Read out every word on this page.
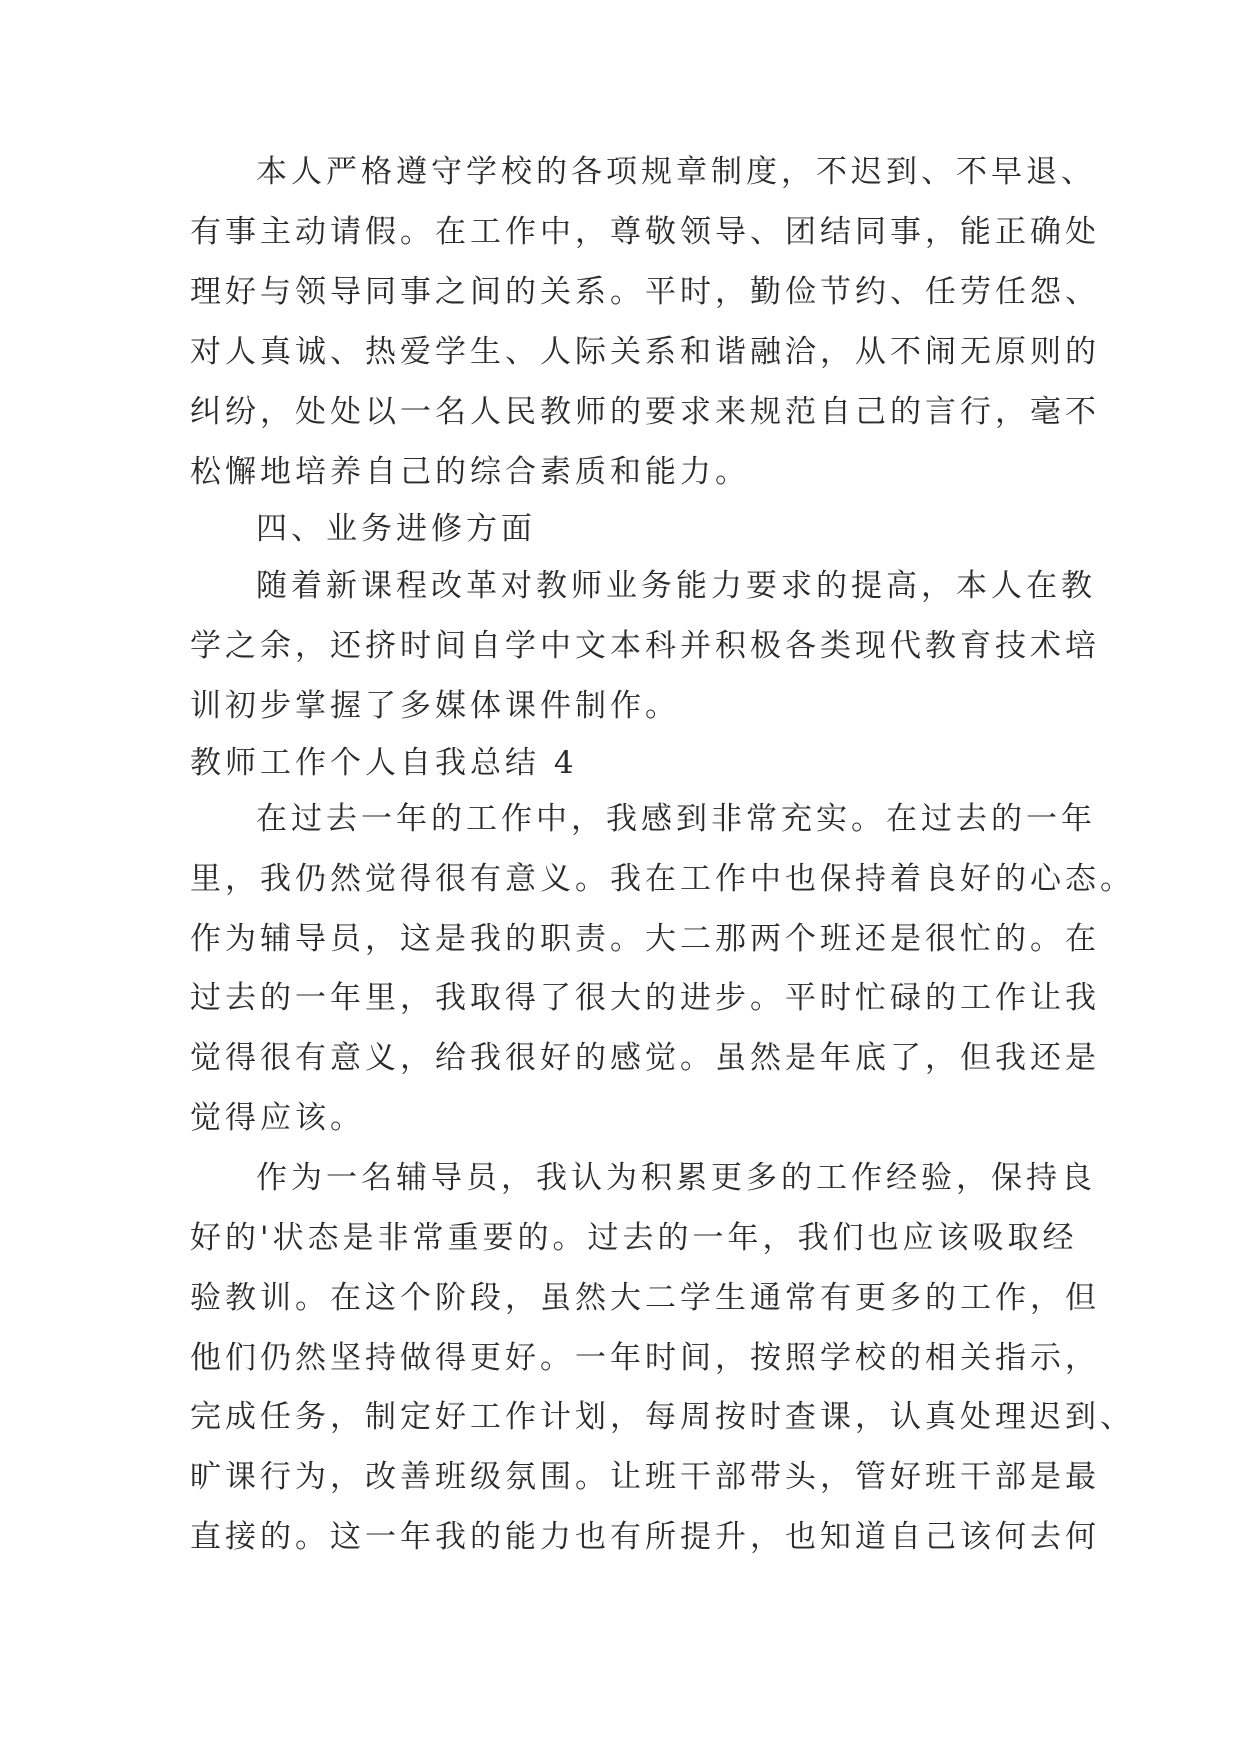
本人严格遵守学校的各项规章制度，不迟到、不早退、
有事主动请假。在工作中，尊敬领导、团结同事，能正确处
理好与领导同事之间的关系。平时，勤俭节约、任劳任怨、
对人真诚、热爱学生、人际关系和谐融洽，从不闹无原则的
纠纷，处处以一名人民教师的要求来规范自己的言行，毫不
松懈地培养自己的综合素质和能力。
四、业务进修方面
随着新课程改革对教师业务能力要求的提高，本人在教
学之余，还挤时间自学中文本科并积极各类现代教育技术培
训初步掌握了多媒体课件制作。
教师工作个人自我总结 4
在过去一年的工作中，我感到非常充实。在过去的一年
里，我仍然觉得很有意义。我在工作中也保持着良好的心态。
作为辅导员，这是我的职责。大二那两个班还是很忙的。在
过去的一年里，我取得了很大的进步。平时忙碌的工作让我
觉得很有意义，给我很好的感觉。虽然是年底了，但我还是
觉得应该。
作为一名辅导员，我认为积累更多的工作经验，保持良
好的'状态是非常重要的。过去的一年，我们也应该吸取经
验教训。在这个阶段，虽然大二学生通常有更多的工作，但
他们仍然坚持做得更好。一年时间，按照学校的相关指示，
完成任务，制定好工作计划，每周按时查课，认真处理迟到、
旷课行为，改善班级氛围。让班干部带头，管好班干部是最
直接的。这一年我的能力也有所提升，也知道自己该何去何
